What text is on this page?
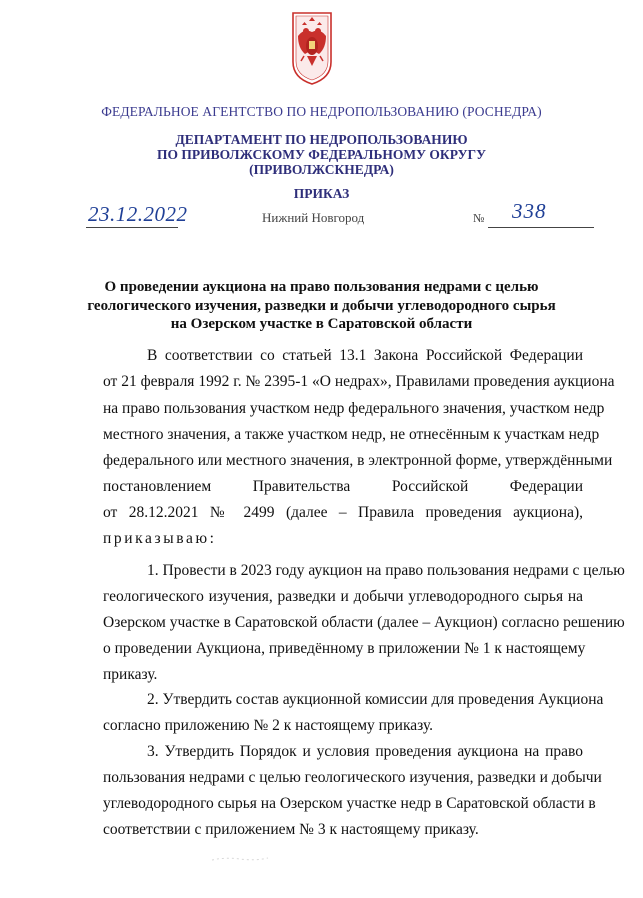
ФЕДЕРАЛЬНОЕ АГЕНТСТВО ПО НЕДРОПОЛЬЗОВАНИЮ (РОСНЕДРА)
ДЕПАРТАМЕНТ ПО НЕДРОПОЛЬЗОВАНИЮ
ПО ПРИВОЛЖСКОМУ ФЕДЕРАЛЬНОМУ ОКРУГУ
(ПРИВОЛЖСКНЕДРА)
ПРИКАЗ
23.12.2022	Нижний Новгород	№ 338
О проведении аукциона на право пользования недрами с целью
геологического изучения, разведки и добычи углеводородного сырья
на Озерском участке в Саратовской области
В соответствии со статьей 13.1 Закона Российской Федерации
от 21 февраля 1992 г. № 2395-1 «О недрах», Правилами проведения аукциона
на право пользования участком недр федерального значения, участком недр
местного значения, а также участком недр, не отнесённым к участкам недр
федерального или местного значения, в электронной форме, утверждёнными
постановлением Правительства Российской Федерации
от 28.12.2021 № 2499 (далее – Правила проведения аукциона),
приказываю:
1. Провести в 2023 году аукцион на право пользования недрами с целью
геологического изучения, разведки и добычи углеводородного сырья на
Озерском участке в Саратовской области (далее – Аукцион) согласно решению
о проведении Аукциона, приведённому в приложении № 1 к настоящему
приказу.
2. Утвердить состав аукционной комиссии для проведения Аукциона
согласно приложению № 2 к настоящему приказу.
3. Утвердить Порядок и условия проведения аукциона на право
пользования недрами с целью геологического изучения, разведки и добычи
углеводородного сырья на Озерском участке недр в Саратовской области в
соответствии с приложением № 3 к настоящему приказу.
